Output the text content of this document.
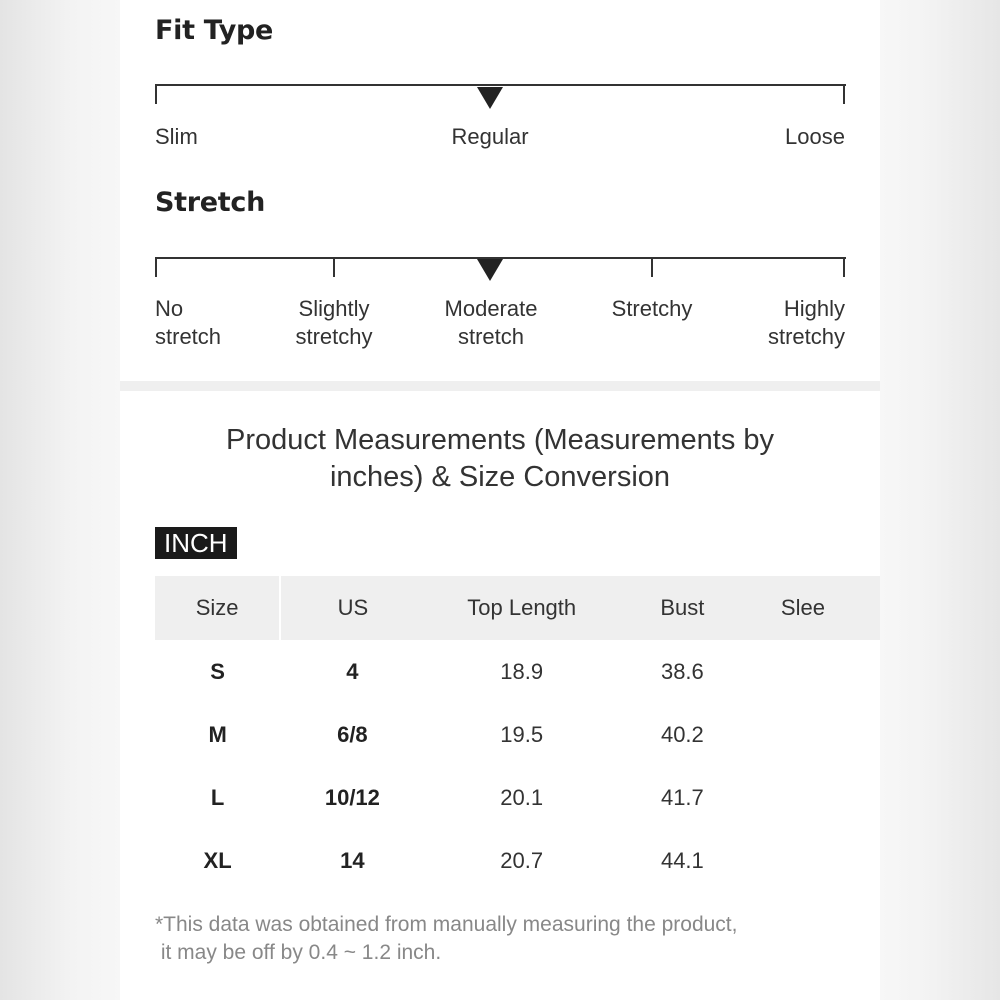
Fit Type
Slim	Regular	Loose
Stretch
No
stretch
Slightly
stretchy
Moderate
stretch
Stretchy	Highly
stretchy
Product Measurements (Measurements by
inches) & Size Conversion
INCH
Size	US	Top Length	Bust	Slee
S	4	18.9	38.6	
M	6/8	19.5	40.2	
L	10/12	20.1	41.7	
XL	14	20.7	44.1	
*This data was obtained from manually measuring the product,
it may be off by 0.4 ~ 1.2 inch.
